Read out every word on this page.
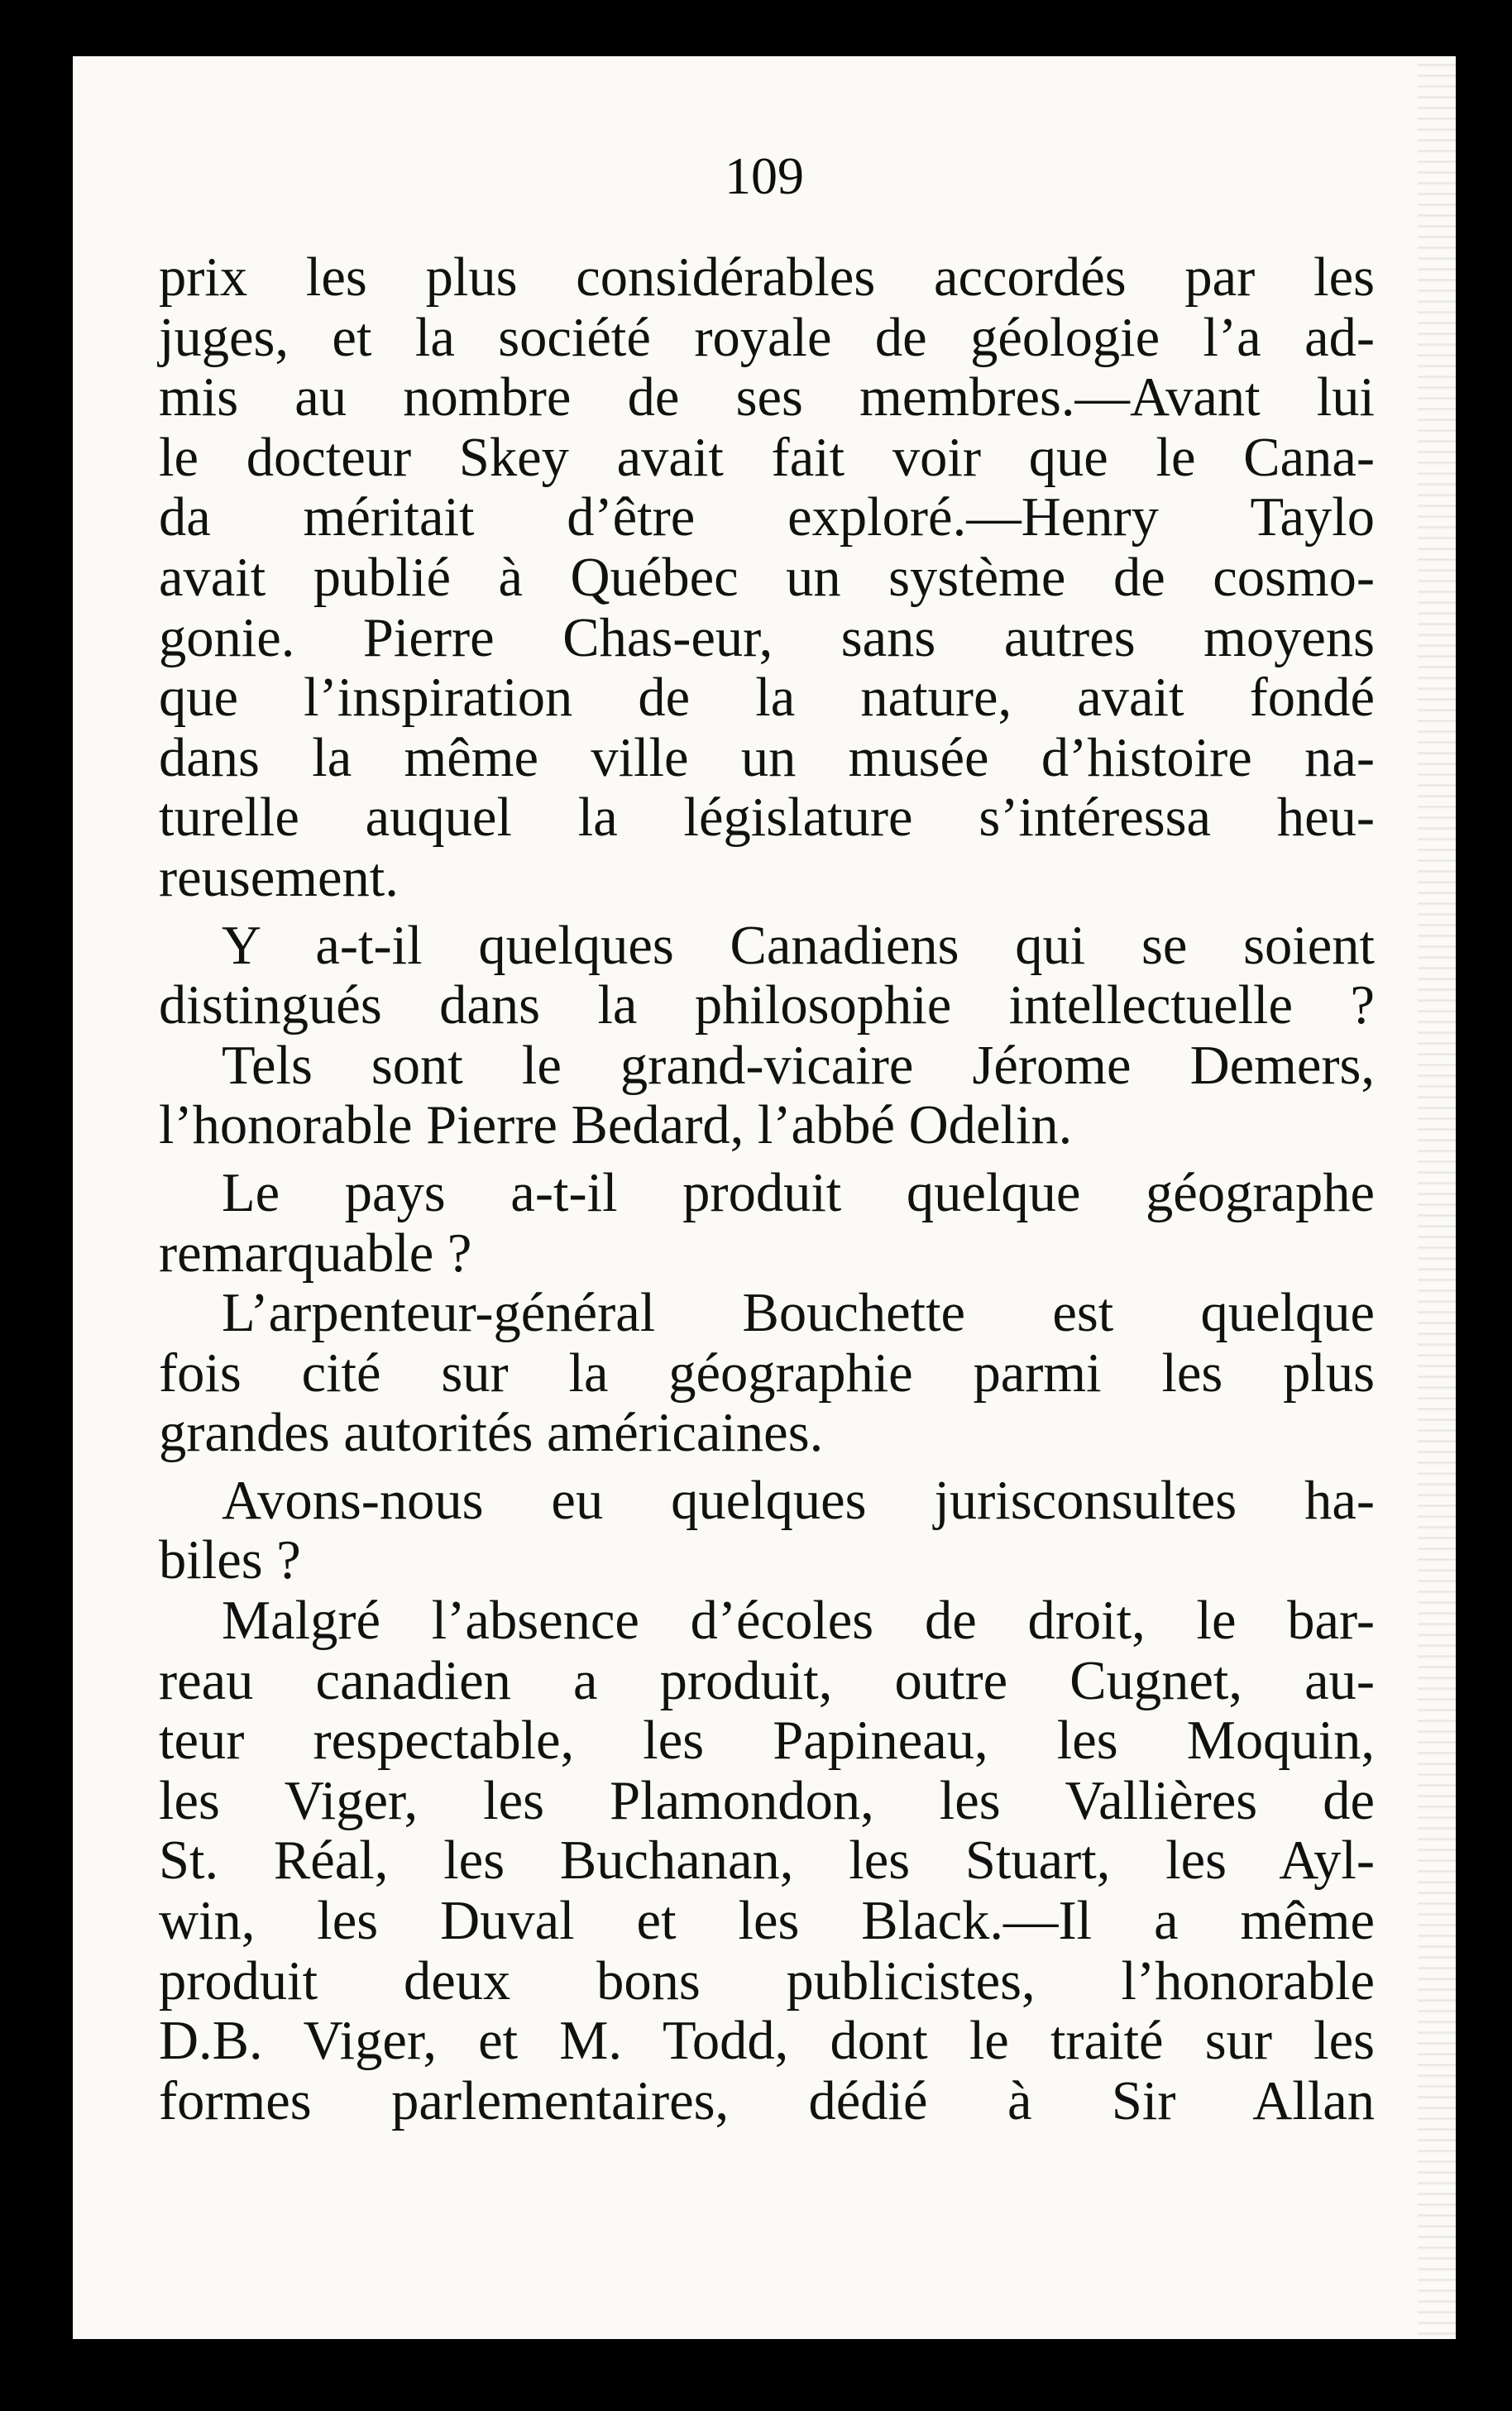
109
prix les plus considérables accordés par les
juges, et la société royale de géologie l’a ad-
mis au nombre de ses membres.—Avant lui
le docteur Skey avait fait voir que le Cana-
da méritait d’être exploré.—Henry Taylo
avait publié à Québec un système de cosmo-
gonie. Pierre Chas-eur, sans autres moyens
que l’inspiration de la nature, avait fondé
dans la même ville un musée d’histoire na-
turelle auquel la législature s’intéressa heu-
reusement.
Y a-t-il quelques Canadiens qui se soient
distingués dans la philosophie intellectuelle ?
Tels sont le grand-vicaire Jérome Demers,
l’honorable Pierre Bedard, l’abbé Odelin.
Le pays a-t-il produit quelque géographe
remarquable ?
L’arpenteur-général Bouchette est quelque
fois cité sur la géographie parmi les plus
grandes autorités américaines.
Avons-nous eu quelques jurisconsultes ha-
biles ?
Malgré l’absence d’écoles de droit, le bar-
reau canadien a produit, outre Cugnet, au-
teur respectable, les Papineau, les Moquin,
les Viger, les Plamondon, les Vallières de
St. Réal, les Buchanan, les Stuart, les Ayl-
win, les Duval et les Black.—Il a même
produit deux bons publicistes, l’honorable
D.B. Viger, et M. Todd, dont le traité sur les
formes parlementaires, dédié à Sir Allan
